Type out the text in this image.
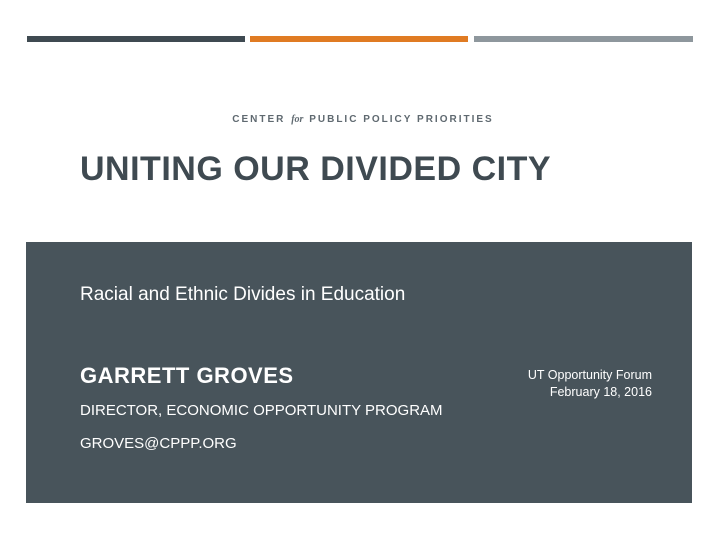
CENTER for PUBLIC POLICY PRIORITIES
UNITING OUR DIVIDED CITY
Racial and Ethnic Divides in Education
GARRETT GROVES
DIRECTOR, ECONOMIC OPPORTUNITY PROGRAM
GROVES@CPPP.ORG
UT Opportunity Forum
February 18, 2016
